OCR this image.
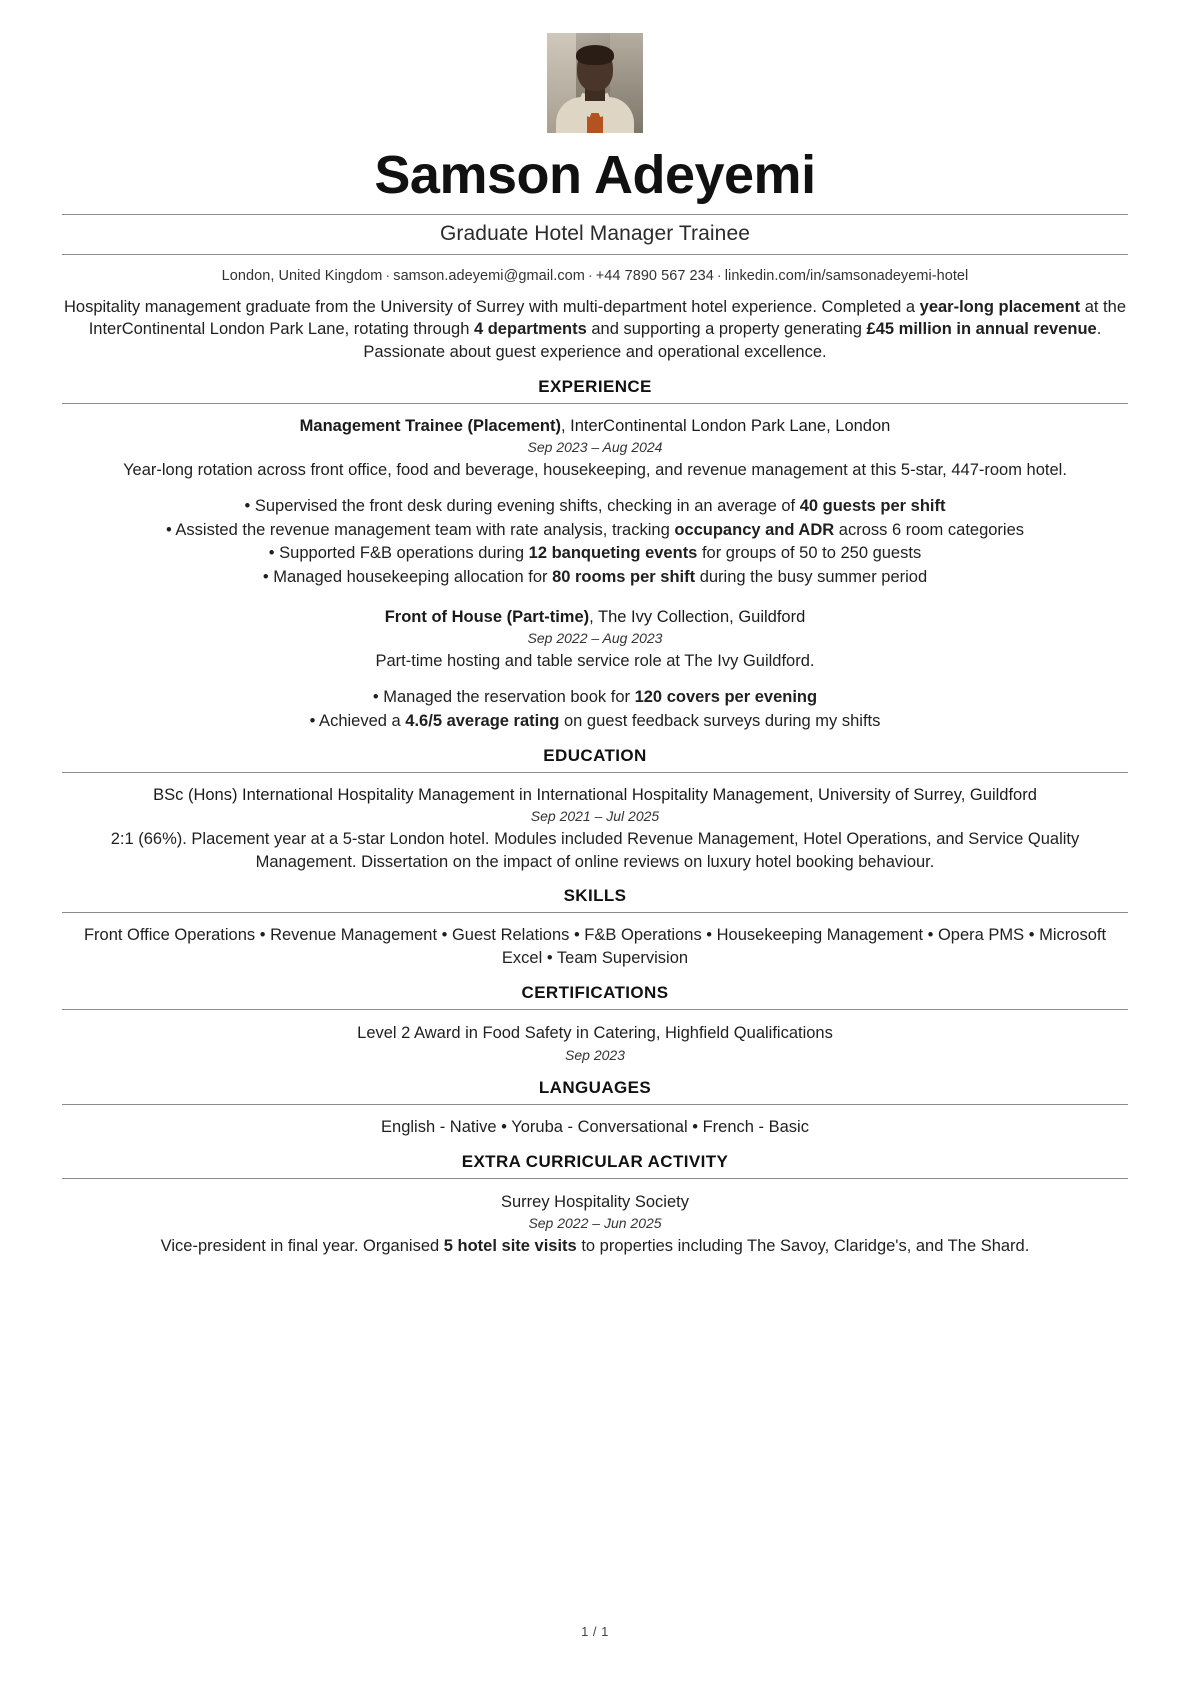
Samson Adeyemi
Graduate Hotel Manager Trainee
London, United Kingdom · samson.adeyemi@gmail.com · +44 7890 567 234 · linkedin.com/in/samsonadeyemi-hotel
Hospitality management graduate from the University of Surrey with multi-department hotel experience. Completed a year-long placement at the InterContinental London Park Lane, rotating through 4 departments and supporting a property generating £45 million in annual revenue. Passionate about guest experience and operational excellence.
EXPERIENCE
Management Trainee (Placement), InterContinental London Park Lane, London
Sep 2023 – Aug 2024
Year-long rotation across front office, food and beverage, housekeeping, and revenue management at this 5-star, 447-room hotel.
• Supervised the front desk during evening shifts, checking in an average of 40 guests per shift
• Assisted the revenue management team with rate analysis, tracking occupancy and ADR across 6 room categories
• Supported F&B operations during 12 banqueting events for groups of 50 to 250 guests
• Managed housekeeping allocation for 80 rooms per shift during the busy summer period
Front of House (Part-time), The Ivy Collection, Guildford
Sep 2022 – Aug 2023
Part-time hosting and table service role at The Ivy Guildford.
• Managed the reservation book for 120 covers per evening
• Achieved a 4.6/5 average rating on guest feedback surveys during my shifts
EDUCATION
BSc (Hons) International Hospitality Management in International Hospitality Management, University of Surrey, Guildford
Sep 2021 – Jul 2025
2:1 (66%). Placement year at a 5-star London hotel. Modules included Revenue Management, Hotel Operations, and Service Quality Management. Dissertation on the impact of online reviews on luxury hotel booking behaviour.
SKILLS
Front Office Operations • Revenue Management • Guest Relations • F&B Operations • Housekeeping Management • Opera PMS • Microsoft Excel • Team Supervision
CERTIFICATIONS
Level 2 Award in Food Safety in Catering, Highfield Qualifications
Sep 2023
LANGUAGES
English - Native • Yoruba - Conversational • French - Basic
EXTRA CURRICULAR ACTIVITY
Surrey Hospitality Society
Sep 2022 – Jun 2025
Vice-president in final year. Organised 5 hotel site visits to properties including The Savoy, Claridge's, and The Shard.
1 / 1
